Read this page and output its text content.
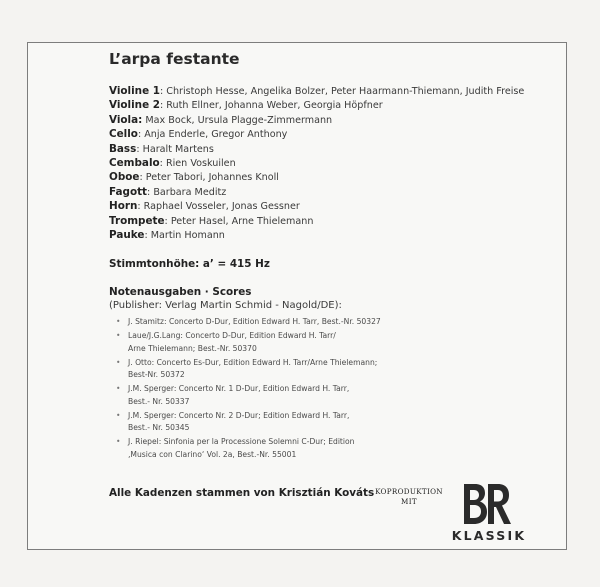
L’arpa festante
Violine 1: Christoph Hesse, Angelika Bolzer, Peter Haarmann-Thiemann, Judith Freise
Violine 2: Ruth Ellner, Johanna Weber, Georgia Höpfner
Viola: Max Bock, Ursula Plagge-Zimmermann
Cello: Anja Enderle, Gregor Anthony
Bass: Haralt Martens
Cembalo: Rien Voskuilen
Oboe: Peter Tabori, Johannes Knoll
Fagott: Barbara Meditz
Horn: Raphael Vosseler, Jonas Gessner
Trompete: Peter Hasel, Arne Thielemann
Pauke: Martin Homann
Stimmtonhöhe: a’ = 415 Hz
Notenausgaben · Scores
(Publisher: Verlag Martin Schmid - Nagold/DE):
• J. Stamitz: Concerto D-Dur, Edition Edward H. Tarr, Best.-Nr. 50327
• Laue/J.G.Lang: Concerto D-Dur, Edition Edward H. Tarr/
Arne Thielemann; Best.-Nr. 50370
• J. Otto: Concerto Es-Dur, Edition Edward H. Tarr/Arne Thielemann;
Best-Nr. 50372
• J.M. Sperger: Concerto Nr. 1 D-Dur, Edition Edward H. Tarr,
Best.- Nr. 50337
• J.M. Sperger: Concerto Nr. 2 D-Dur; Edition Edward H. Tarr,
Best.- Nr. 50345
• J. Riepel: Sinfonia per la Processione Solemni C-Dur; Edition
‚Musica con Clarino‘ Vol. 2a, Best.-Nr. 55001
Alle Kadenzen stammen von Krisztián Kováts KOPRODUKTION
MIT
KLASSIK
